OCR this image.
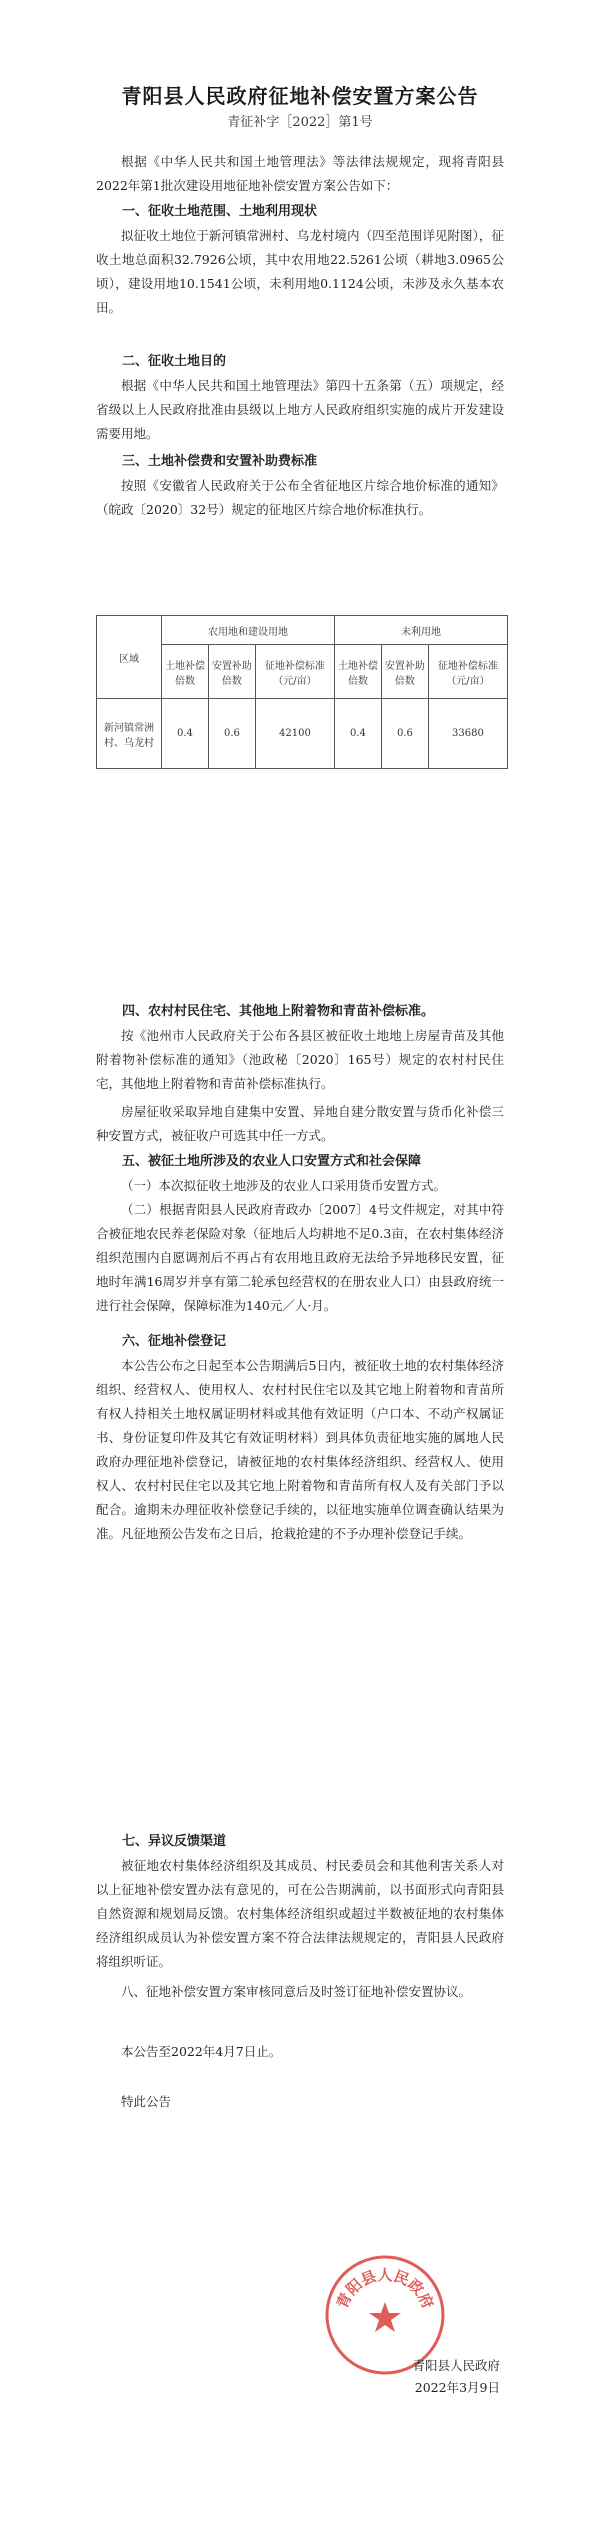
青阳县人民政府征地补偿安置方案公告
青征补字［2022］第1号
根据《中华人民共和国土地管理法》等法律法规规定，现将青阳县2022年第1批次建设用地征地补偿安置方案公告如下：
一、征收土地范围、土地利用现状
拟征收土地位于新河镇常洲村、乌龙村境内（四至范围详见附图），征收土地总面积32.7926公顷，其中农用地22.5261公顷（耕地3.0965公顷），建设用地10.1541公顷，未利用地0.1124公顷，未涉及永久基本农田。
二、征收土地目的
根据《中华人民共和国土地管理法》第四十五条第（五）项规定，经省级以上人民政府批准由县级以上地方人民政府组织实施的成片开发建设需要用地。
三、土地补偿费和安置补助费标准
按照《安徽省人民政府关于公布全省征地区片综合地价标准的通知》（皖政〔2020〕32号）规定的征地区片综合地价标准执行。
区域	农用地和建设用地			未利用地		
	土地补偿倍数	安置补助倍数	征地补偿标准（元/亩）	土地补偿倍数	安置补助倍数	征地补偿标准（元/亩）
新河镇常洲村、乌龙村	0.4	0.6	42100	0.4	0.6	33680
四、农村村民住宅、其他地上附着物和青苗补偿标准。
按《池州市人民政府关于公布各县区被征收土地地上房屋青苗及其他附着物补偿标准的通知》（池政秘〔2020〕165号）规定的农村村民住宅，其他地上附着物和青苗补偿标准执行。
房屋征收采取异地自建集中安置、异地自建分散安置与货币化补偿三种安置方式，被征收户可选其中任一方式。
五、被征土地所涉及的农业人口安置方式和社会保障
（一）本次拟征收土地涉及的农业人口采用货币安置方式。
（二）根据青阳县人民政府青政办〔2007〕4号文件规定，对其中符合被征地农民养老保险对象（征地后人均耕地不足0.3亩，在农村集体经济组织范围内自愿调剂后不再占有农用地且政府无法给予异地移民安置，征地时年满16周岁并享有第二轮承包经营权的在册农业人口）由县政府统一进行社会保障，保障标准为140元／人·月。
六、征地补偿登记
本公告公布之日起至本公告期满后5日内，被征收土地的农村集体经济组织、经营权人、使用权人、农村村民住宅以及其它地上附着物和青苗所有权人持相关土地权属证明材料或其他有效证明（户口本、不动产权属证书、身份证复印件及其它有效证明材料）到具体负责征地实施的属地人民政府办理征地补偿登记，请被征地的农村集体经济组织、经营权人、使用权人、农村村民住宅以及其它地上附着物和青苗所有权人及有关部门予以配合。逾期未办理征收补偿登记手续的，以征地实施单位调查确认结果为准。凡征地预公告发布之日后，抢栽抢建的不予办理补偿登记手续。
七、异议反馈渠道
被征地农村集体经济组织及其成员、村民委员会和其他利害关系人对以上征地补偿安置办法有意见的，可在公告期满前，以书面形式向青阳县自然资源和规划局反馈。农村集体经济组织或超过半数被征地的农村集体经济组织成员认为补偿安置方案不符合法律法规规定的，青阳县人民政府将组织听证。
八、征地补偿安置方案审核同意后及时签订征地补偿安置协议。
本公告至2022年4月7日止。
特此公告
青阳县人民政府
青阳县人民政府
2022年3月9日
